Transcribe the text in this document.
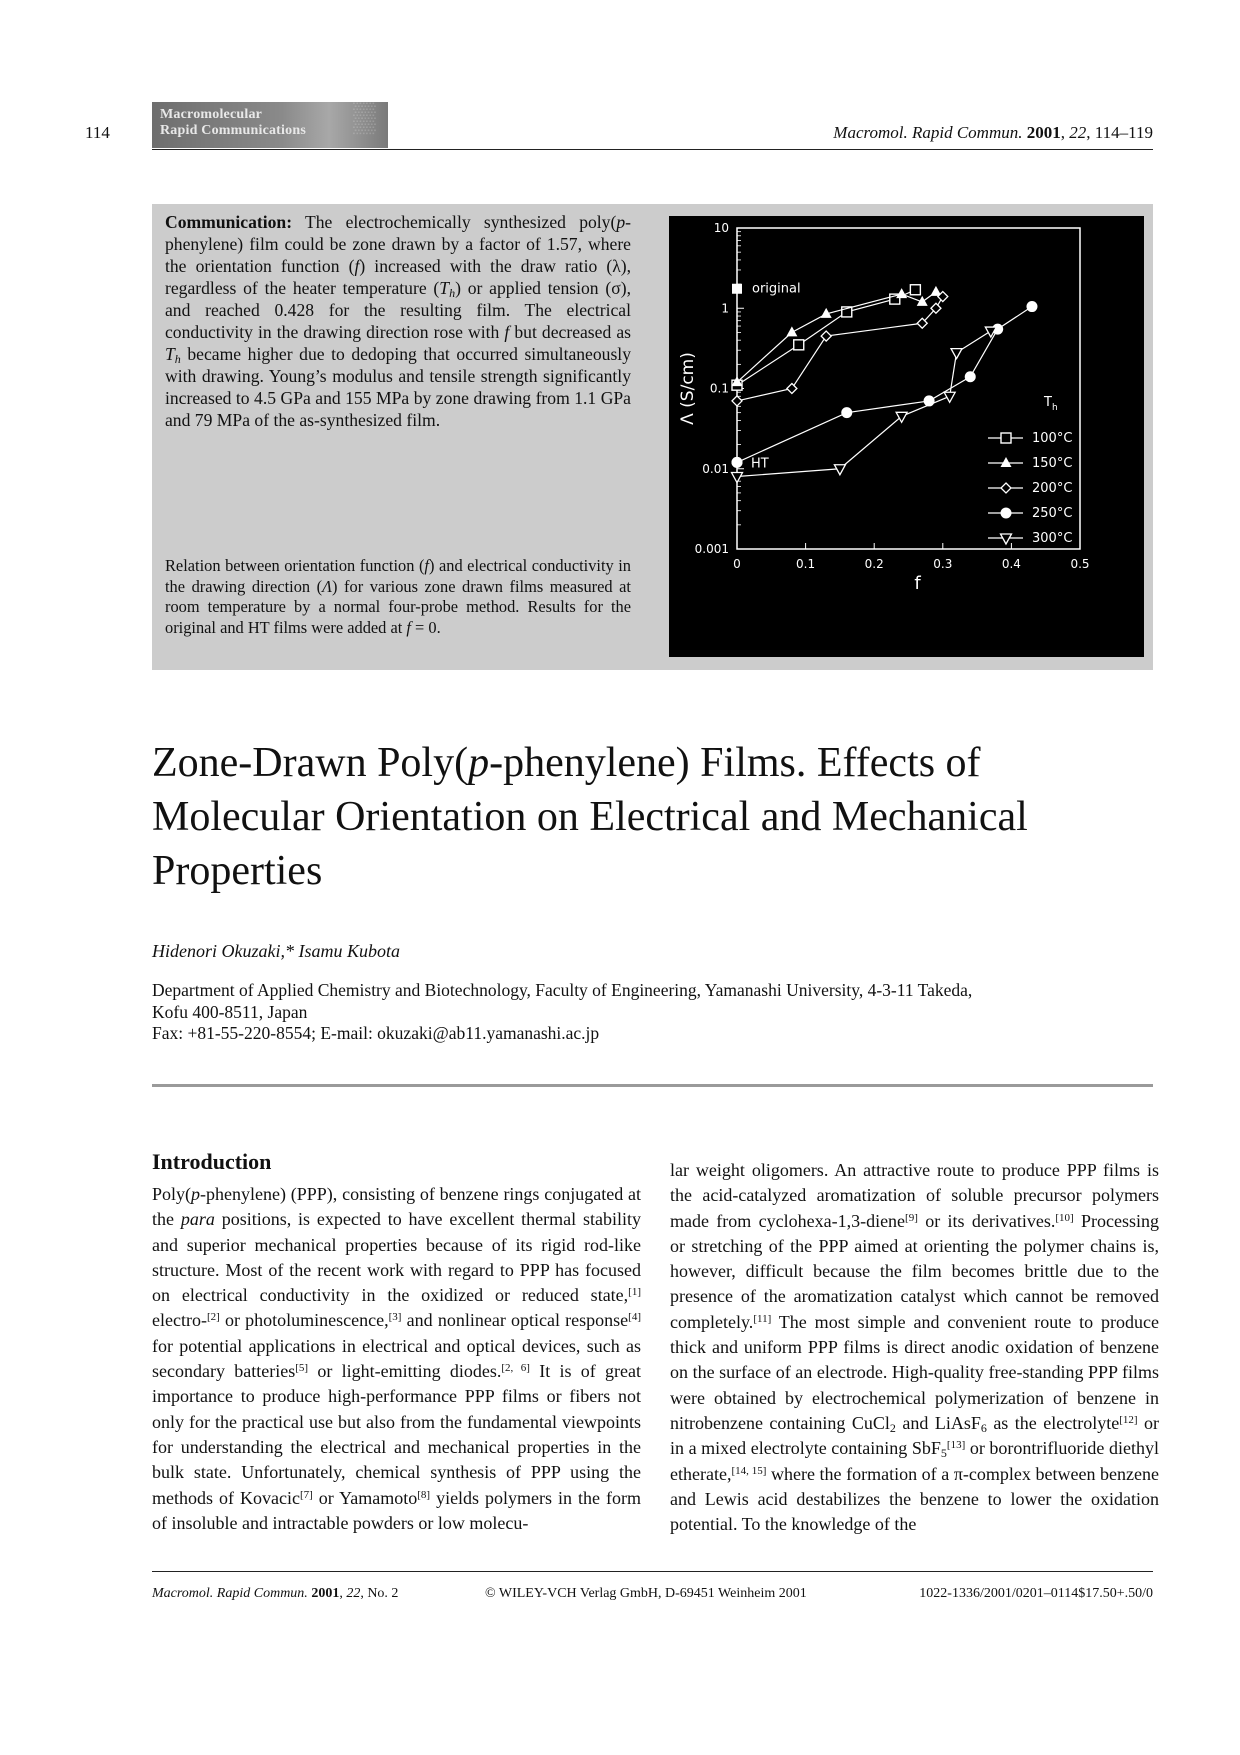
114
Macromolecular
Rapid Communications	▒	Macromol. Rapid Commun. 2001, 22, 114–119
Communication: The electrochemically synthesized poly(p-phenylene) film could be zone drawn by a factor of 1.57, where the orientation function (f) increased with the draw ratio (λ), regardless of the heater temperature $(T_h)$ or applied tension (σ), and reached 0.428 for the resulting film. The electrical conductivity in the drawing direction rose with f but decreased as $T_h$ became higher due to dedoping that occurred simultaneously with drawing. Young’s modulus and tensile strength significantly increased to 4.5 GPa and 155 MPa by zone drawing from 1.1 GPa and 79 MPa of the as-synthesized film.
Relation between orientation function (f) and electrical conductivity in the drawing direction (Λ) for various zone drawn films measured at room temperature by a normal four-probe method. Results for the original and HT films were added at f = 0.
0	0.1	0.2	0.3	0.4	0.5
10
1
0.1
0.01
0.001
f
Λ (S/cm)
original
HT
$T_h$
100°C
150°C
200°C
250°C
300°C
Zone-Drawn Poly(p-phenylene) Films. Effects of Molecular Orientation on Electrical and Mechanical Properties
Hidenori Okuzaki,* Isamu Kubota
Department of Applied Chemistry and Biotechnology, Faculty of Engineering, Yamanashi University, 4-3-11 Takeda,
Kofu 400-8511, Japan
Fax: +81-55-220-8554; E-mail: okuzaki@ab11.yamanashi.ac.jp
Introduction
Poly(p-phenylene) (PPP), consisting of benzene rings conjugated at the para positions, is expected to have excellent thermal stability and superior mechanical properties because of its rigid rod-like structure. Most of the recent work with regard to PPP has focused on electrical conductivity in the oxidized or reduced state,[1] electro-[2] or photoluminescence,[3] and nonlinear optical response[4] for potential applications in electrical and optical devices, such as secondary batteries[5] or light-emitting diodes.[2, 6] It is of great importance to produce high-performance PPP films or fibers not only for the practical use but also from the fundamental viewpoints for understanding the electrical and mechanical properties in the bulk state. Unfortunately, chemical synthesis of PPP using the methods of Kovacic[7] or Yamamoto[8] yields polymers in the form of insoluble and intractable powders or low molecu-
lar weight oligomers. An attractive route to produce PPP films is the acid-catalyzed aromatization of soluble precursor polymers made from cyclohexa-1,3-diene[9] or its derivatives.[10] Processing or stretching of the PPP aimed at orienting the polymer chains is, however, difficult because the film becomes brittle due to the presence of the aromatization catalyst which cannot be removed completely.[11] The most simple and convenient route to produce thick and uniform PPP films is direct anodic oxidation of benzene on the surface of an electrode. High-quality free-standing PPP films were obtained by electrochemical polymerization of benzene in nitrobenzene containing CuCl$_2$ and LiAsF$_6$ as the electrolyte[12] or in a mixed electrolyte containing SbF$_5$[13] or borontrifluoride diethyl etherate,[14, 15] where the formation of a π-complex between benzene and Lewis acid destabilizes the benzene to lower the oxidation potential. To the knowledge of the
Macromol. Rapid Commun. 2001, 22, No. 2	© WILEY-VCH Verlag GmbH, D-69451 Weinheim 2001	1022-1336/2001/0201–0114$17.50+.50/0
